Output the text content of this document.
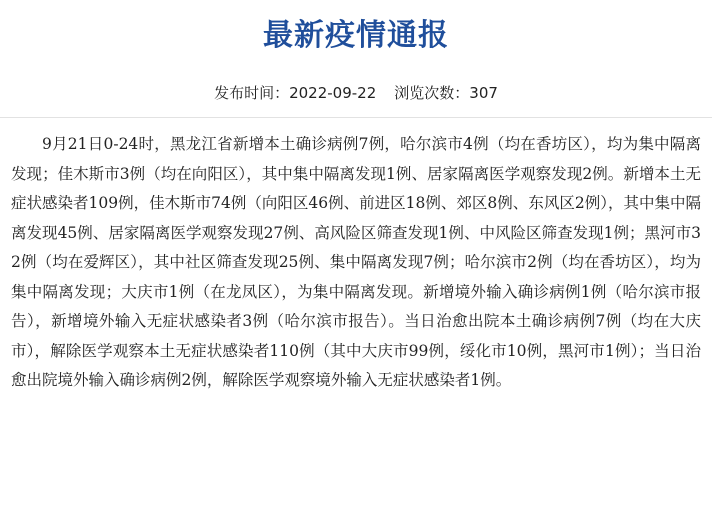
最新疫情通报
发布时间：2022-09-22 浏览次数：307

9月21日0-24时，黑龙江省新增本土确诊病例7例，哈尔滨市4例（均在香坊区），均为集中隔离发现；佳木斯市3例（均在向阳区），其中集中隔离发现1例、居家隔离医学观察发现2例。新增本土无症状感染者109例，佳木斯市74例（向阳区46例、前进区18例、郊区8例、东风区2例），其中集中隔离发现45例、居家隔离医学观察发现27例、高风险区筛查发现1例、中风险区筛查发现1例；黑河市32例（均在爱辉区），其中社区筛查发现25例、集中隔离发现7例；哈尔滨市2例（均在香坊区），均为集中隔离发现；大庆市1例（在龙凤区），为集中隔离发现。新增境外输入确诊病例1例（哈尔滨市报告），新增境外输入无症状感染者3例（哈尔滨市报告）。当日治愈出院本土确诊病例7例（均在大庆市），解除医学观察本土无症状感染者110例（其中大庆市99例，绥化市10例，黑河市1例）；当日治愈出院境外输入确诊病例2例，解除医学观察境外输入无症状感染者1例。
